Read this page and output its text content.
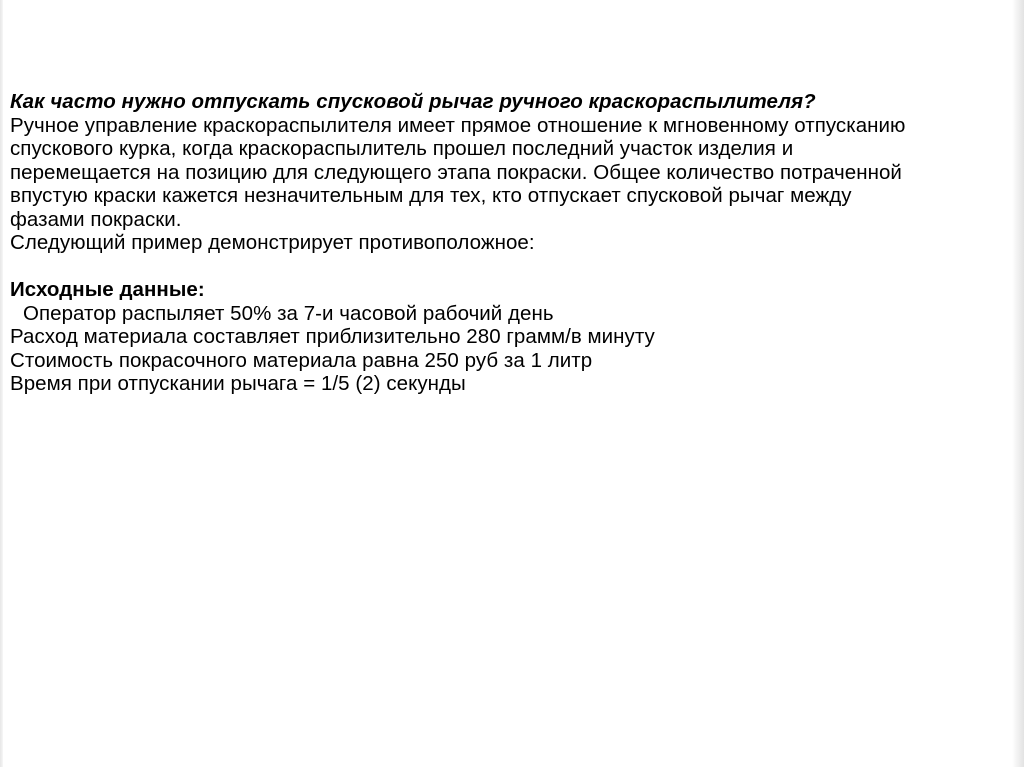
Как часто нужно отпускать спусковой рычаг ручного краскораспылителя?

Ручное управление краскораспылителя имеет прямое отношение к мгновенному отпусканию

спускового курка, когда краскораспылитель прошел последний участок изделия и

перемещается на позицию для следующего этапа покраски. Общее количество потраченной

впустую краски кажется незначительным для тех, кто отпускает спусковой рычаг между

фазами покраски.

Следующий пример демонстрирует противоположное:

Исходные данные:

Оператор распыляет 50% за 7-и часовой рабочий день

Расход материала составляет приблизительно 280 грамм/в минуту

Стоимость покрасочного материала равна 250 руб за 1 литр

Время при отпускании рычага = 1/5 (2) секунды
